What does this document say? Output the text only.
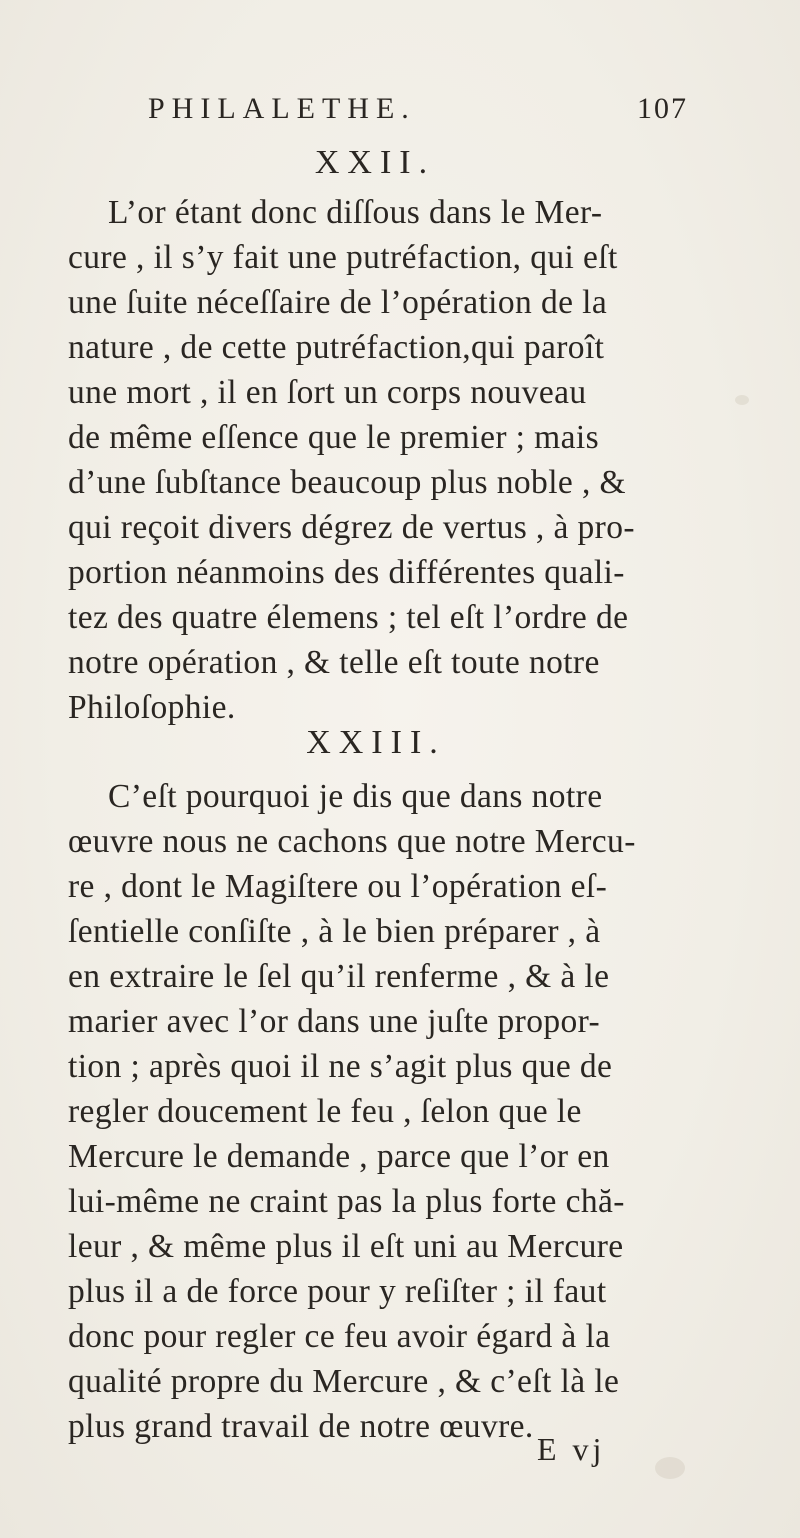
PHILALETHE.	107
XXII.
L’or étant donc diſſous dans le Mer-
cure , il s’y fait une putréfaction, qui eſt
une ſuite néceſſaire de l’opération de la
nature , de cette putréfaction,qui paroît
une mort , il en ſort un corps nouveau
de même eſſence que le premier ; mais
d’une ſubſtance beaucoup plus noble , &
qui reçoit divers dégrez de vertus , à pro-
portion néanmoins des différentes quali-
tez des quatre élemens ; tel eſt l’ordre de
notre opération , & telle eſt toute notre
Philoſophie.
XXIII.
C’eſt pourquoi je dis que dans notre
œuvre nous ne cachons que notre Mercu-
re , dont le Magiſtere ou l’opération eſ-
ſentielle conſiſte , à le bien préparer , à
en extraire le ſel qu’il renferme , & à le
marier avec l’or dans une juſte propor-
tion ; après quoi il ne s’agit plus que de
regler doucement le feu , ſelon que le
Mercure le demande , parce que l’or en
lui-même ne craint pas la plus forte chă-
leur , & même plus il eſt uni au Mercure
plus il a de force pour y reſiſter ; il faut
donc pour regler ce feu avoir égard à la
qualité propre du Mercure , & c’eſt là le
plus grand travail de notre œuvre.
E vj
